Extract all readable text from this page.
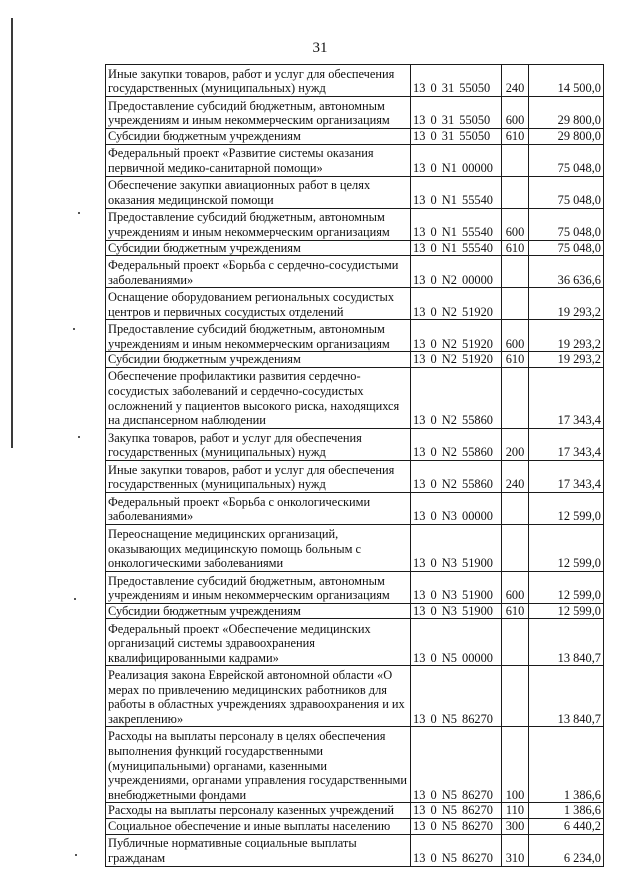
31
Иные закупки товаров, работ и услуг для обеспечения государственных (муниципальных) нужд	13 0 31 55050	240	14 500,0
Предоставление субсидий бюджетным, автономным учреждениям и иным некоммерческим организациям	13 0 31 55050	600	29 800,0
Субсидии бюджетным учреждениям	13 0 31 55050	610	29 800,0
Федеральный проект «Развитие системы оказания первичной медико-санитарной помощи»	13 0 N1 00000		75 048,0
Обеспечение закупки авиационных работ в целях оказания медицинской помощи	13 0 N1 55540		75 048,0
Предоставление субсидий бюджетным, автономным учреждениям и иным некоммерческим организациям	13 0 N1 55540	600	75 048,0
Субсидии бюджетным учреждениям	13 0 N1 55540	610	75 048,0
Федеральный проект «Борьба с сердечно-сосудистыми заболеваниями»	13 0 N2 00000		36 636,6
Оснащение оборудованием региональных сосудистых центров и первичных сосудистых отделений	13 0 N2 51920		19 293,2
Предоставление субсидий бюджетным, автономным учреждениям и иным некоммерческим организациям	13 0 N2 51920	600	19 293,2
Субсидии бюджетным учреждениям	13 0 N2 51920	610	19 293,2
Обеспечение профилактики развития сердечно-сосудистых заболеваний и сердечно-сосудистых осложнений у пациентов высокого риска, находящихся на диспансерном наблюдении	13 0 N2 55860		17 343,4
Закупка товаров, работ и услуг для обеспечения государственных (муниципальных) нужд	13 0 N2 55860	200	17 343,4
Иные закупки товаров, работ и услуг для обеспечения государственных (муниципальных) нужд	13 0 N2 55860	240	17 343,4
Федеральный проект «Борьба с онкологическими заболеваниями»	13 0 N3 00000		12 599,0
Переоснащение медицинских организаций, оказывающих медицинскую помощь больным с онкологическими заболеваниями	13 0 N3 51900		12 599,0
Предоставление субсидий бюджетным, автономным учреждениям и иным некоммерческим организациям	13 0 N3 51900	600	12 599,0
Субсидии бюджетным учреждениям	13 0 N3 51900	610	12 599,0
Федеральный проект «Обеспечение медицинских организаций системы здравоохранения квалифицированными кадрами»	13 0 N5 00000		13 840,7
Реализация закона Еврейской автономной области «О мерах по привлечению медицинских работников для работы в областных учреждениях здравоохранения и их закреплению»	13 0 N5 86270		13 840,7
Расходы на выплаты персоналу в целях обеспечения выполнения функций государственными (муниципальными) органами, казенными учреждениями, органами управления государственными внебюджетными фондами	13 0 N5 86270	100	1 386,6
Расходы на выплаты персоналу казенных учреждений	13 0 N5 86270	110	1 386,6
Социальное обеспечение и иные выплаты населению	13 0 N5 86270	300	6 440,2
Публичные нормативные социальные выплаты гражданам	13 0 N5 86270	310	6 234,0
